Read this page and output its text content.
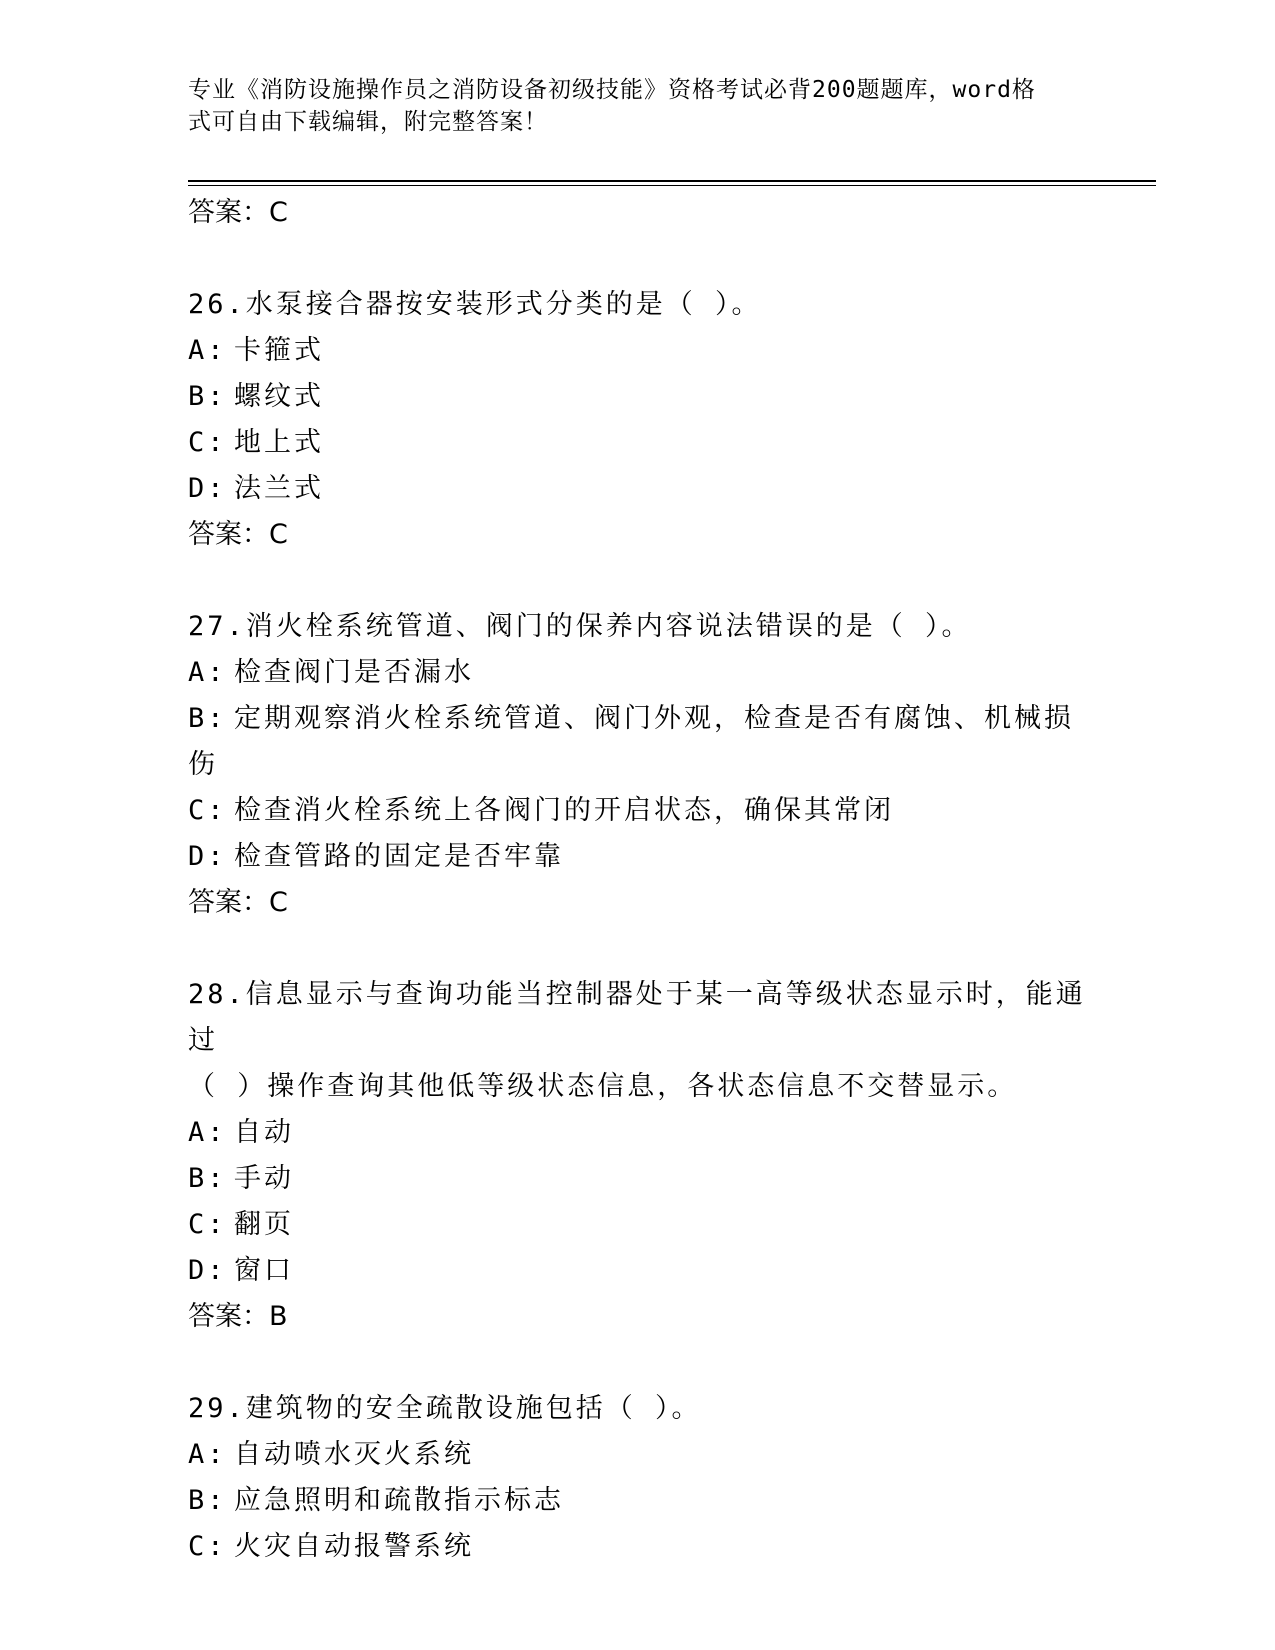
专业《消防设施操作员之消防设备初级技能》资格考试必背200题题库，word格
式可自由下载编辑，附完整答案！
答案：C
26.水泵接合器按安装形式分类的是（ ）。
A: 卡箍式
B: 螺纹式
C: 地上式
D: 法兰式
答案：C
27.消火栓系统管道、阀门的保养内容说法错误的是（ ）。
A: 检查阀门是否漏水
B: 定期观察消火栓系统管道、阀门外观，检查是否有腐蚀、机械损伤
C: 检查消火栓系统上各阀门的开启状态，确保其常闭
D: 检查管路的固定是否牢靠
答案：C
28.信息显示与查询功能当控制器处于某一高等级状态显示时，能通过
（ ）操作查询其他低等级状态信息，各状态信息不交替显示。
A: 自动
B: 手动
C: 翻页
D: 窗口
答案：B
29.建筑物的安全疏散设施包括（ ）。
A: 自动喷水灭火系统
B: 应急照明和疏散指示标志
C: 火灾自动报警系统
